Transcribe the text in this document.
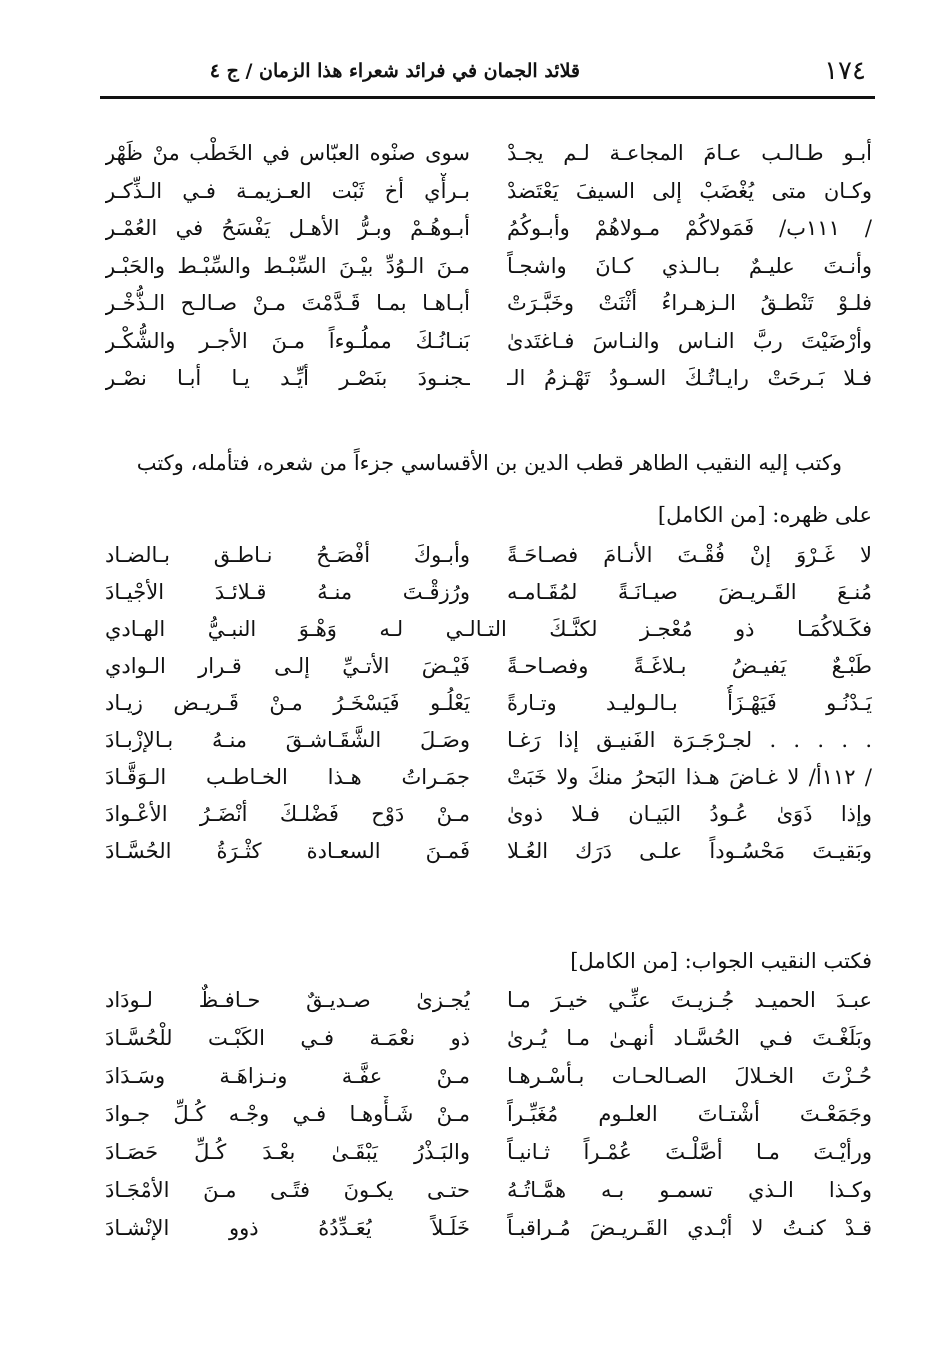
١٧٤
قلائد الجمان في فرائد شعراء هذا الزمان / ج ٤
أبـو طـالـب عـامَ المجاعـة لـم يجـدْ
سوى صنْوه العبّاس في الخَطْب منْ ظَهْر
وكـان متى يُغْضَبْ إلى السيفَ يَعْتَضدْ
بـرأْي أخ ثَبْت العـزيمـة فـي الـذِّكـر
/ ١١١ب/ فَمَولاكُمْ مـولاهُمْ وأبـوكُمُ
أبـوهُـمْ وبـرُّ الأهـل يَفْسَحُ في العُمْـر
وأنـتَ عليـمٌ بـالـذي كـانَ واشجـاً
مـنَ الـوُدِّ بيْـنَ السِّبْـط والسِّبْـط والحَبْـر
فلـوْ تَنْطـقُ الـزهـراءُ أثْنَتْ وخَبَّـرَتْ
أبـاهـا بمـا قَـدَّمْتَ مـنْ صـالـح الـذُّخْـر
وأرْضَيْتَ ربَّ النـاس والنـاسَ فـاغتَدىٰ
بَنـانُـكَ مملُـوءاً مـنَ الأجـر والشُّكْـر
فـلا بَـرحَتْ رايـاتُـكَ السـودُ تَهْـزمُ الـ
ـجنـودَ بنَصْـر أيِّـد يـا أبـا نصْـر
وكتب إليه النقيب الطاهر قطب الدين بن الأقساسي جزءاً من شعره، فتأمله، وكتب
على ظهره: [من الكامل]
لا غَـرْوَ إنْ فُقْـتَ الأنـامَ فصـاحَـةً
وأبـوكَ أفْصَـحُ نـاطـق بـالضـاد
مُنـعَ القَـريـضَ صيـانَـةً لمُقَـامـه
ورُزقْـتَ منـهُ قـلائـدَ الأجْيـادَ
فكَـلاكُمَـا ذو مُعْجـز لكنَّـكَ التـالـي لـه وَهْـوَ النبـيُّ الهـادي
طَبْـعٌ يَفيـضُ بـلاغَـةً وفصـاحـةً
فَيْـضَ الأتـيِّ إلـى قـرار الـوادي
يَـدْنُـو فَيَهْـزَأُ بـالـوليـد وتـارةً
يَعْلُـو فَيَسْخَـرُ مـنْ قَـريـض زيـاد
. . . . . لجـرْجَـرَة الفَنيـق إذا رَغـا
وصَـلَ الشَّقَـاشـقَ منـهُ بـالإزْبـادَ
/ ١١٢أ/ لا غـاضَ هـذا البَحرُ منكَ ولا خَبَتْ
جمَـراتُ هـذا الخـاطـب الـوَقَّـادَ
وإذا ذَوَىٰ عُـودُ البَيـان فـلا ذوىٰ
مـنْ دَوْح فَضْلـكَ أنْضَـرُ الأعْـوادَ
وبَقيـتَ مَحْسُـوداً علـى دَرَك العُـلا
فَمـنَ السعـادة كثْـرَةُ الحُسَّـادَ
فكتب النقيب الجواب: [من الكامل]
عبـدَ الحميـد جُـزيـتَ عنِّـي خيـرَ مـا
يُجـزىٰ صـديـقٌ حـافـظٌ لـودَاد
وبَلَغْـتَ فـي الحُسَّـاد أنهـىٰ مـا يُـرىٰ
ذو نعْمَـة فـي الكَبْـت للْحُسَّـادَ
حُـزْتَ الخـلالَ الصـالحـات بـأسْـرهـا
مـنْ عفَّـة ونـزاهَـة وسَـدَادَ
وجَمَعْـتَ أشْتـاتَ العلـوم مُغَبِّـراً
مـنْ شَـأْوهـا فـي وجْـه كُـلِّ جـوادَ
ورأيْـتَ مـا أصَّلْـتَ عُمْـراً ثـانيـاً
والبَـذْرُ يَبْقَـىٰ بعْـدَ كُـلِّ حَصَـادَ
وكـذا الـذي تسمـو بـه همَّـاتُـهُ
حتـى يكـونَ فتًـى مـنَ الأمْجَـادَ
قـدْ كنـتُ لا أبْـدي القَـريـضَ مُـراقبـاً
خَلَـلاً يُعَـدِّدُهُ ذوو الإنْشـادَ
